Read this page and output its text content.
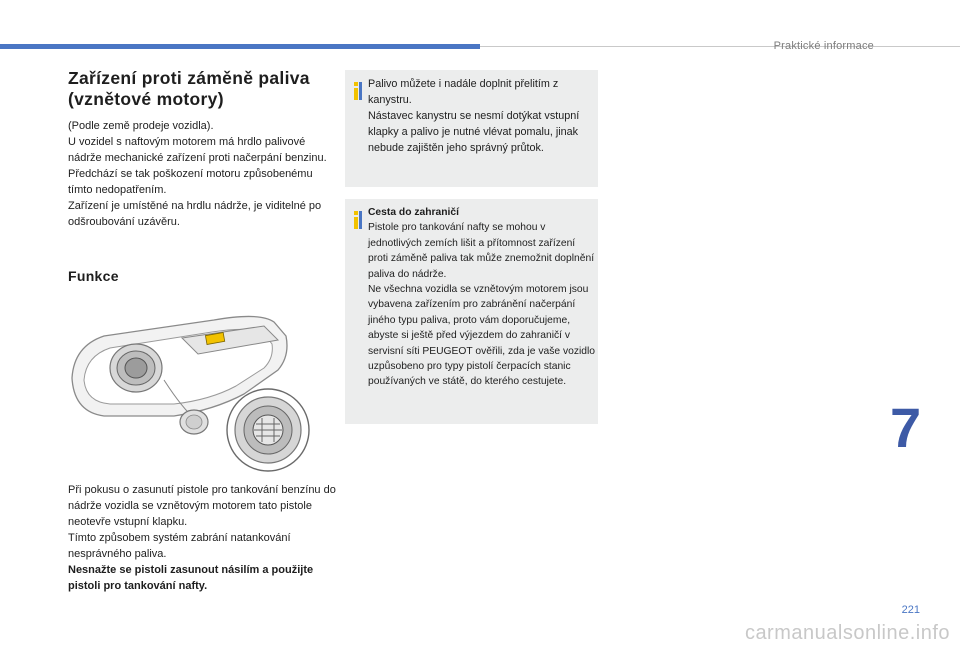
Praktické informace
Zařízení proti záměně paliva (vznětové motory)

(Podle země prodeje vozidla).

U vozidel s naftovým motorem má hrdlo palivové nádrže mechanické zařízení proti načerpání benzinu. Předchází se tak poškození motoru způsobenému tímto nedopatřením.

Zařízení je umístěné na hrdlu nádrže, je viditelné po odšroubování uzávěru.

Funkce

Při pokusu o zasunutí pistole pro tankování benzínu do nádrže vozidla se vznětovým motorem tato pistole neotevře vstupní klapku.

Tímto způsobem systém zabrání natankování nesprávného paliva.

Nesnažte se pistoli zasunout násilím a použijte pistoli pro tankování nafty.

Palivo můžete i nadále doplnit přelitím z kanystru.

Nástavec kanystru se nesmí dotýkat vstupní klapky a palivo je nutné vlévat pomalu, jinak nebude zajištěn jeho správný průtok.

Cesta do zahraničí

Pistole pro tankování nafty se mohou v jednotlivých zemích lišit a přítomnost zařízení proti záměně paliva tak může znemožnit doplnění paliva do nádrže.

Ne všechna vozidla se vznětovým motorem jsou vybavena zařízením pro zabránění načerpání jiného typu paliva, proto vám doporučujeme, abyste si ještě před výjezdem do zahraničí v servisní síti PEUGEOT ověřili, zda je vaše vozidlo uzpůsobeno pro typy pistolí čerpacích stanic používaných ve státě, do kterého cestujete.

7
221
carmanualsonline.info
